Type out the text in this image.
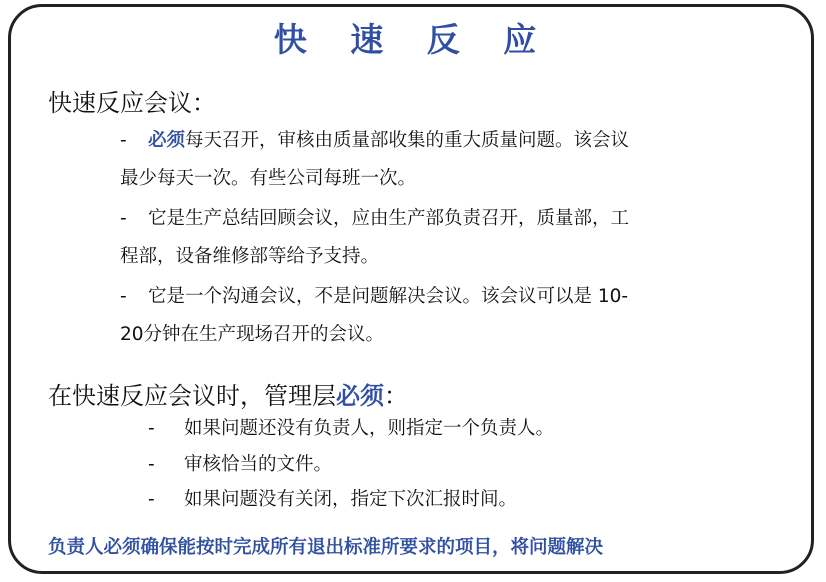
快 速 反 应
快速反应会议：
- 必须每天召开，审核由质量部收集的重大质量问题。该会议
最少每天一次。有些公司每班一次。
- 它是生产总结回顾会议，应由生产部负责召开，质量部，工
程部，设备维修部等给予支持。
- 它是一个沟通会议，不是问题解决会议。该会议可以是 10-
20分钟在生产现场召开的会议。
在快速反应会议时，管理层必须：
- 如果问题还没有负责人，则指定一个负责人。
- 审核恰当的文件。
- 如果问题没有关闭，指定下次汇报时间。
负责人必须确保能按时完成所有退出标准所要求的项目，将问题解决
